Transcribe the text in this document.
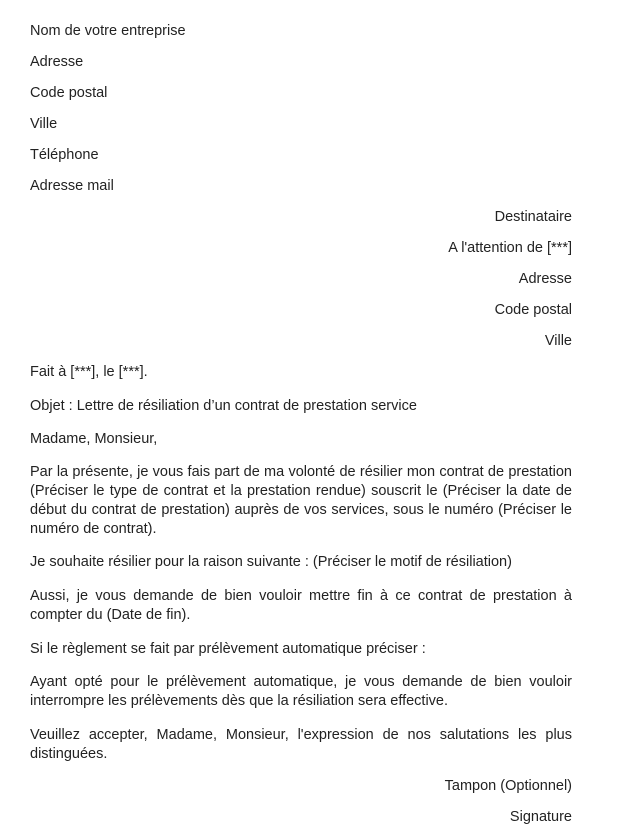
Nom de votre entreprise
Adresse
Code postal
Ville
Téléphone
Adresse mail
Destinataire
A l'attention de [***]
Adresse
Code postal
Ville
Fait à [***], le [***].
Objet : Lettre de résiliation d’un contrat de prestation service
Madame, Monsieur,
Par la présente, je vous fais part de ma volonté de résilier mon contrat de prestation (Préciser le type de contrat et la prestation rendue) souscrit le (Préciser la date de début du contrat de prestation) auprès de vos services, sous le numéro (Préciser le numéro de contrat).
Je souhaite résilier pour la raison suivante : (Préciser le motif de résiliation)
Aussi, je vous demande de bien vouloir mettre fin à ce contrat de prestation à compter du (Date de fin).
Si le règlement se fait par prélèvement automatique préciser :
Ayant opté pour le prélèvement automatique, je vous demande de bien vouloir interrompre les prélèvements dès que la résiliation sera effective.
Veuillez accepter, Madame, Monsieur, l'expression de nos salutations les plus distinguées.
Tampon (Optionnel)
Signature
